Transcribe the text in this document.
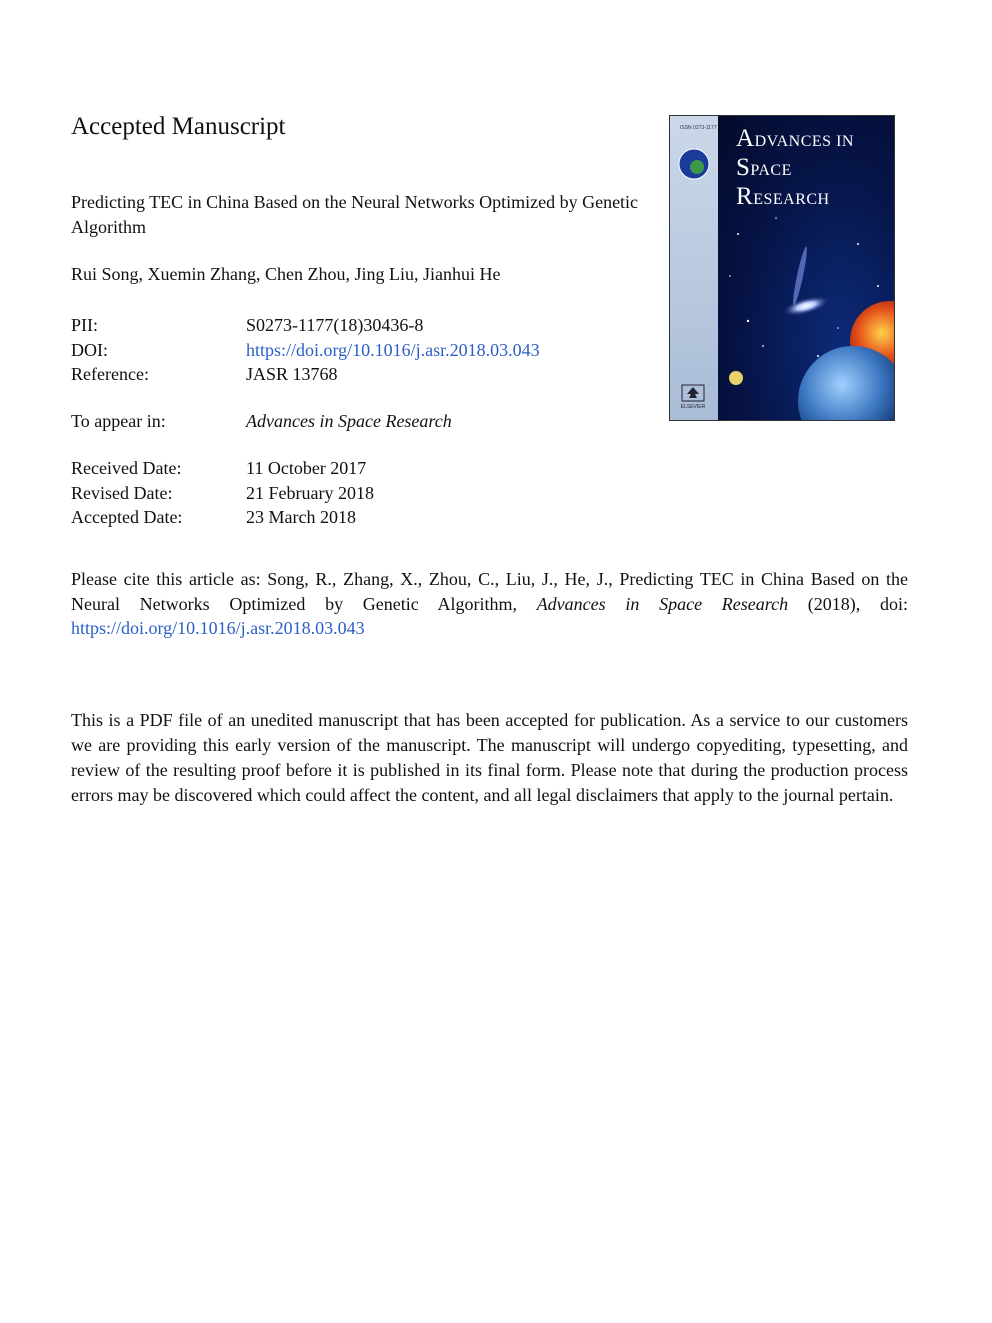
Accepted Manuscript

Predicting TEC in China Based on the Neural Networks Optimized by Genetic Algorithm

Rui Song, Xuemin Zhang, Chen Zhou, Jing Liu, Jianhui He
PII:	S0273-1177(18)30436-8
DOI:	https://doi.org/10.1016/j.asr.2018.03.043
Reference:	JASR 13768
To appear in:	Advances in Space Research
Received Date:	11 October 2017
Revised Date:	21 February 2018
Accepted Date:	23 March 2018

Please cite this article as: Song, R., Zhang, X., Zhou, C., Liu, J., He, J., Predicting TEC in China Based on the Neural Networks Optimized by Genetic Algorithm, Advances in Space Research (2018), doi: https://doi.org/10.1016/j.asr.2018.03.043

This is a PDF file of an unedited manuscript that has been accepted for publication. As a service to our customers we are providing this early version of the manuscript. The manuscript will undergo copyediting, typesetting, and review of the resulting proof before it is published in its final form. Please note that during the production process errors may be discovered which could affect the content, and all legal disclaimers that apply to the journal pertain.

ISSN 0273-1177 ADVANCES IN
SPACE
RESEARCH
ELSEVIER
